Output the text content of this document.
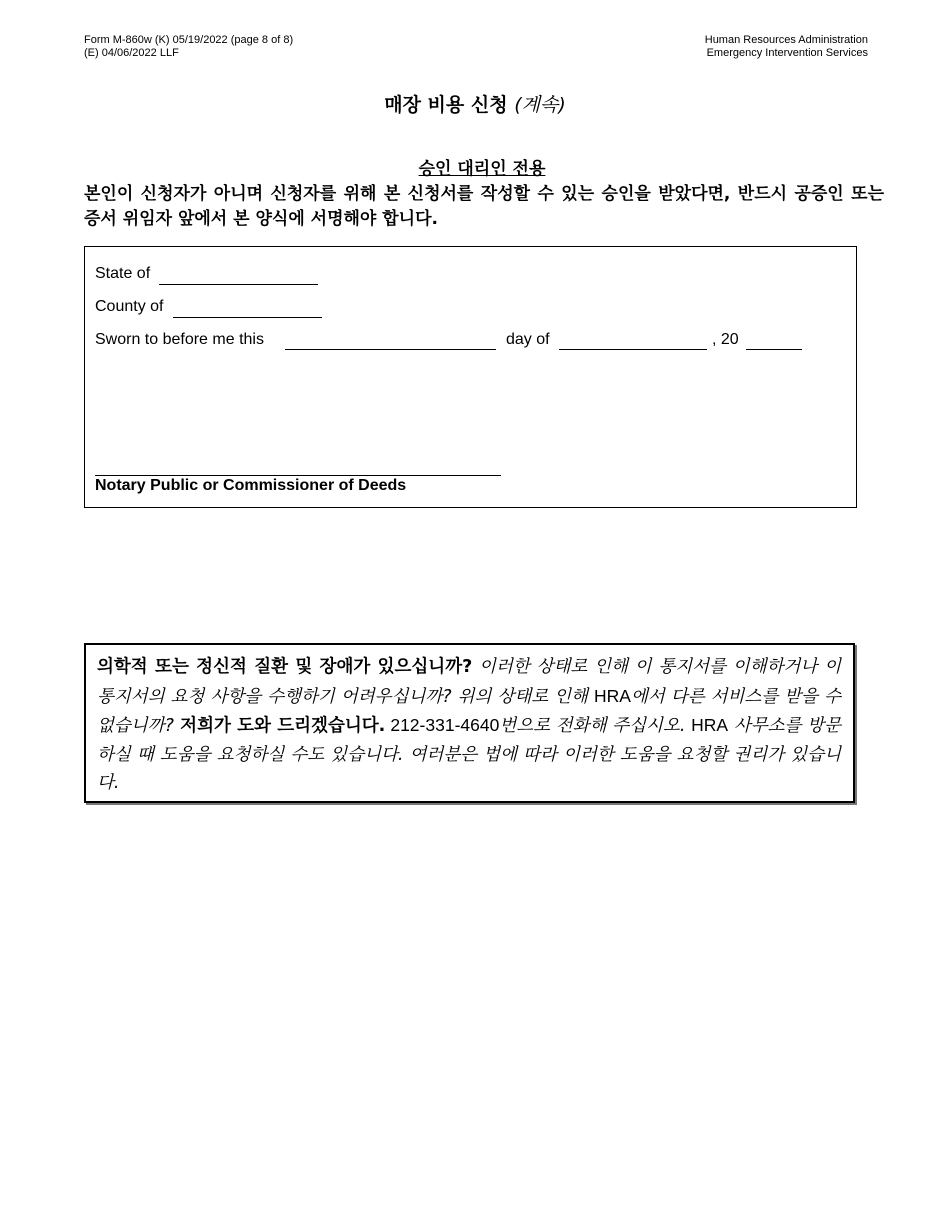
Form M-860w (K) 05/19/2022 (page 8 of 8)
(E) 04/06/2022 LLF
Human Resources Administration
Emergency Intervention Services
매장 비용 신청 (계속)
승인 대리인 전용
본인이 신청자가 아니며 신청자를 위해 본 신청서를 작성할 수 있는 승인을 받았다면, 반드시 공증인 또는 증서 위임자 앞에서 본 양식에 서명해야 합니다.
State of
County of
Sworn to before me this	day of	, 20
Notary Public or Commissioner of Deeds
의학적 또는 정신적 질환 및 장애가 있으십니까? 이러한 상태로 인해 이 통지서를 이해하거나 이 통지서의 요청 사항을 수행하기 어려우십니까? 위의 상태로 인해 HRA에서 다른 서비스를 받을 수 없습니까? 저희가 도와 드리겠습니다. 212-331-4640번으로 전화해 주십시오. HRA 사무소를 방문하실 때 도움을 요청하실 수도 있습니다. 여러분은 법에 따라 이러한 도움을 요청할 권리가 있습니다.
